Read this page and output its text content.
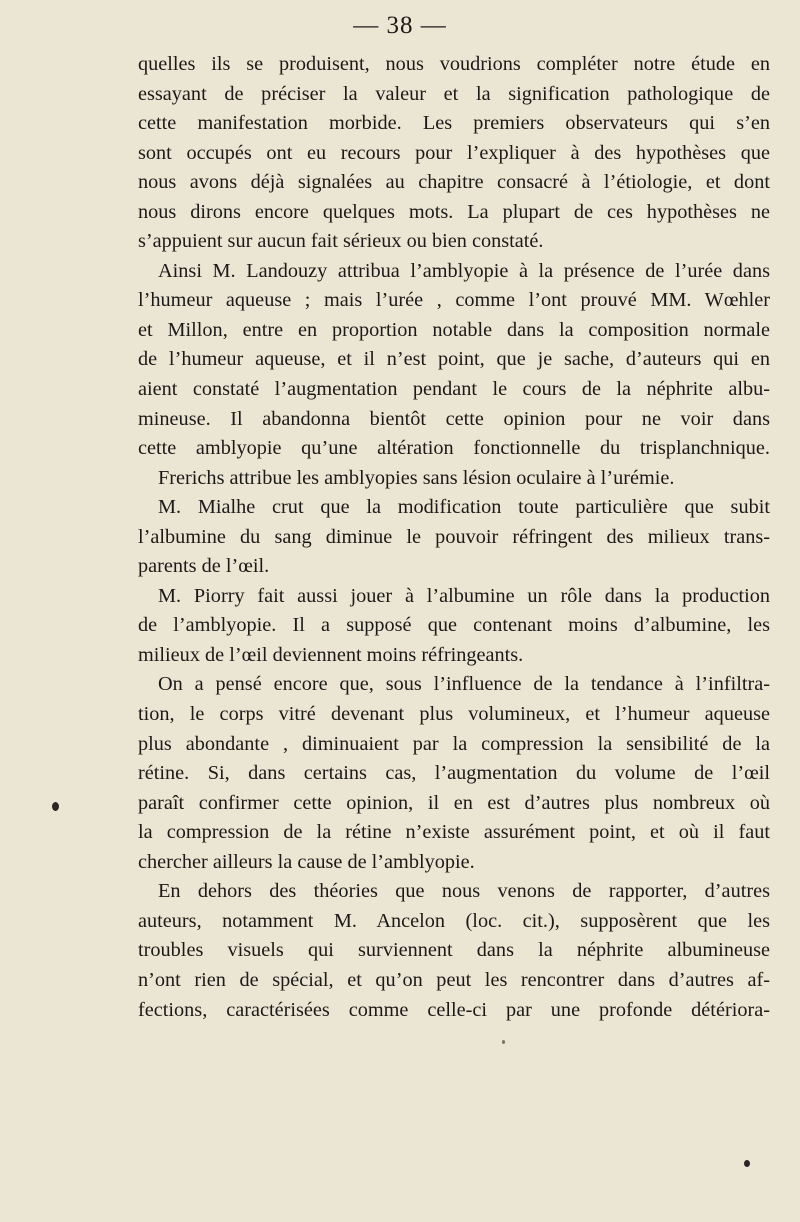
— 38 —
quelles ils se produisent, nous voudrions compléter notre étude en
essayant de préciser la valeur et la signification pathologique de
cette manifestation morbide. Les premiers observateurs qui s’en
sont occupés ont eu recours pour l’expliquer à des hypothèses que
nous avons déjà signalées au chapitre consacré à l’étiologie, et dont
nous dirons encore quelques mots. La plupart de ces hypothèses ne
s’appuient sur aucun fait sérieux ou bien constaté.
Ainsi M. Landouzy attribua l’amblyopie à la présence de l’urée dans
l’humeur aqueuse ; mais l’urée , comme l’ont prouvé MM. Wœhler
et Millon, entre en proportion notable dans la composition normale
de l’humeur aqueuse, et il n’est point, que je sache, d’auteurs qui en
aient constaté l’augmentation pendant le cours de la néphrite albu-
mineuse. Il abandonna bientôt cette opinion pour ne voir dans
cette amblyopie qu’une altération fonctionnelle du trisplanchnique.
Frerichs attribue les amblyopies sans lésion oculaire à l’urémie.
M. Mialhe crut que la modification toute particulière que subit
l’albumine du sang diminue le pouvoir réfringent des milieux trans-
parents de l’œil.
M. Piorry fait aussi jouer à l’albumine un rôle dans la production
de l’amblyopie. Il a supposé que contenant moins d’albumine, les
milieux de l’œil deviennent moins réfringeants.
On a pensé encore que, sous l’influence de la tendance à l’infiltra-
tion, le corps vitré devenant plus volumineux, et l’humeur aqueuse
plus abondante , diminuaient par la compression la sensibilité de la
rétine. Si, dans certains cas, l’augmentation du volume de l’œil
paraît confirmer cette opinion, il en est d’autres plus nombreux où
la compression de la rétine n’existe assurément point, et où il faut
chercher ailleurs la cause de l’amblyopie.
En dehors des théories que nous venons de rapporter, d’autres
auteurs, notamment M. Ancelon (loc. cit.), supposèrent que les
troubles visuels qui surviennent dans la néphrite albumineuse
n’ont rien de spécial, et qu’on peut les rencontrer dans d’autres af-
fections, caractérisées comme celle-ci par une profonde détériora-
